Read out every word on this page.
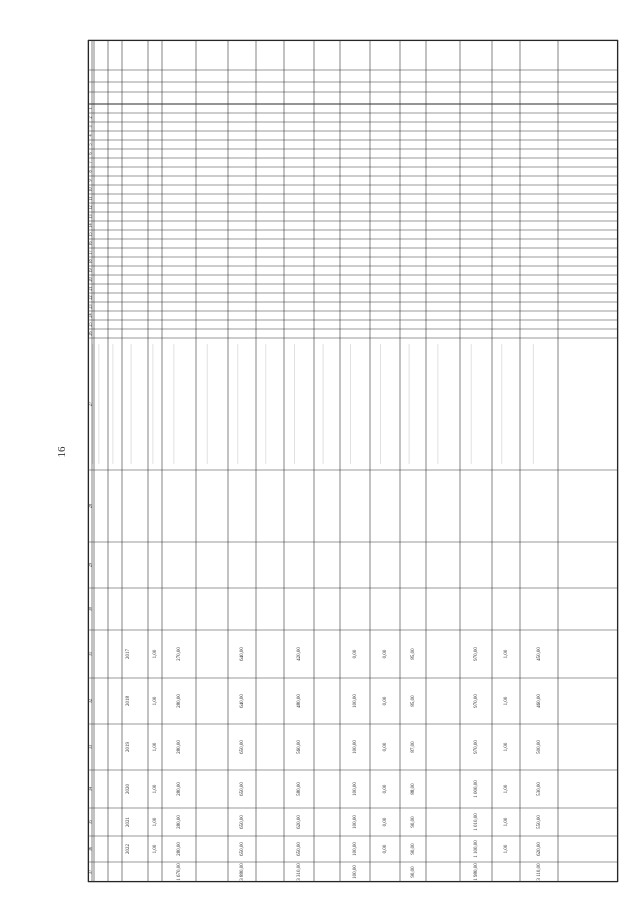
16
1
2
3
4
5
6
7
8
9
10
11
12
13
14
15
16
17
18
19
20
21
22
23
24
25
26
27
28
29
30
31
32
33
34
35
36
37
2017
2018
2019
2020
2021
2022
1,00
1,00
1,00
1,00
1,00
1,00
270,00
280,00
280,00
280,00
280,00
280,00
1 670,00
640,00
640,00
650,00
650,00
650,00
650,00
3 880,00
420,00
480,00
560,00
580,00
620,00
650,00
3 310,00
0,00
100,00
100,00
100,00
100,00
100,00
100,00
0,00
0,00
0,00
0,00
0,00
0,00
85,00
85,00
87,00
88,00
90,00
90,00
90,00
970,00
970,00
970,00
1 000,00
1 010,00
1 100,00
1 980,00
1,00
1,00
1,00
1,00
1,00
1,00
450,00
460,00
500,00
530,00
550,00
620,00
3 110,00
